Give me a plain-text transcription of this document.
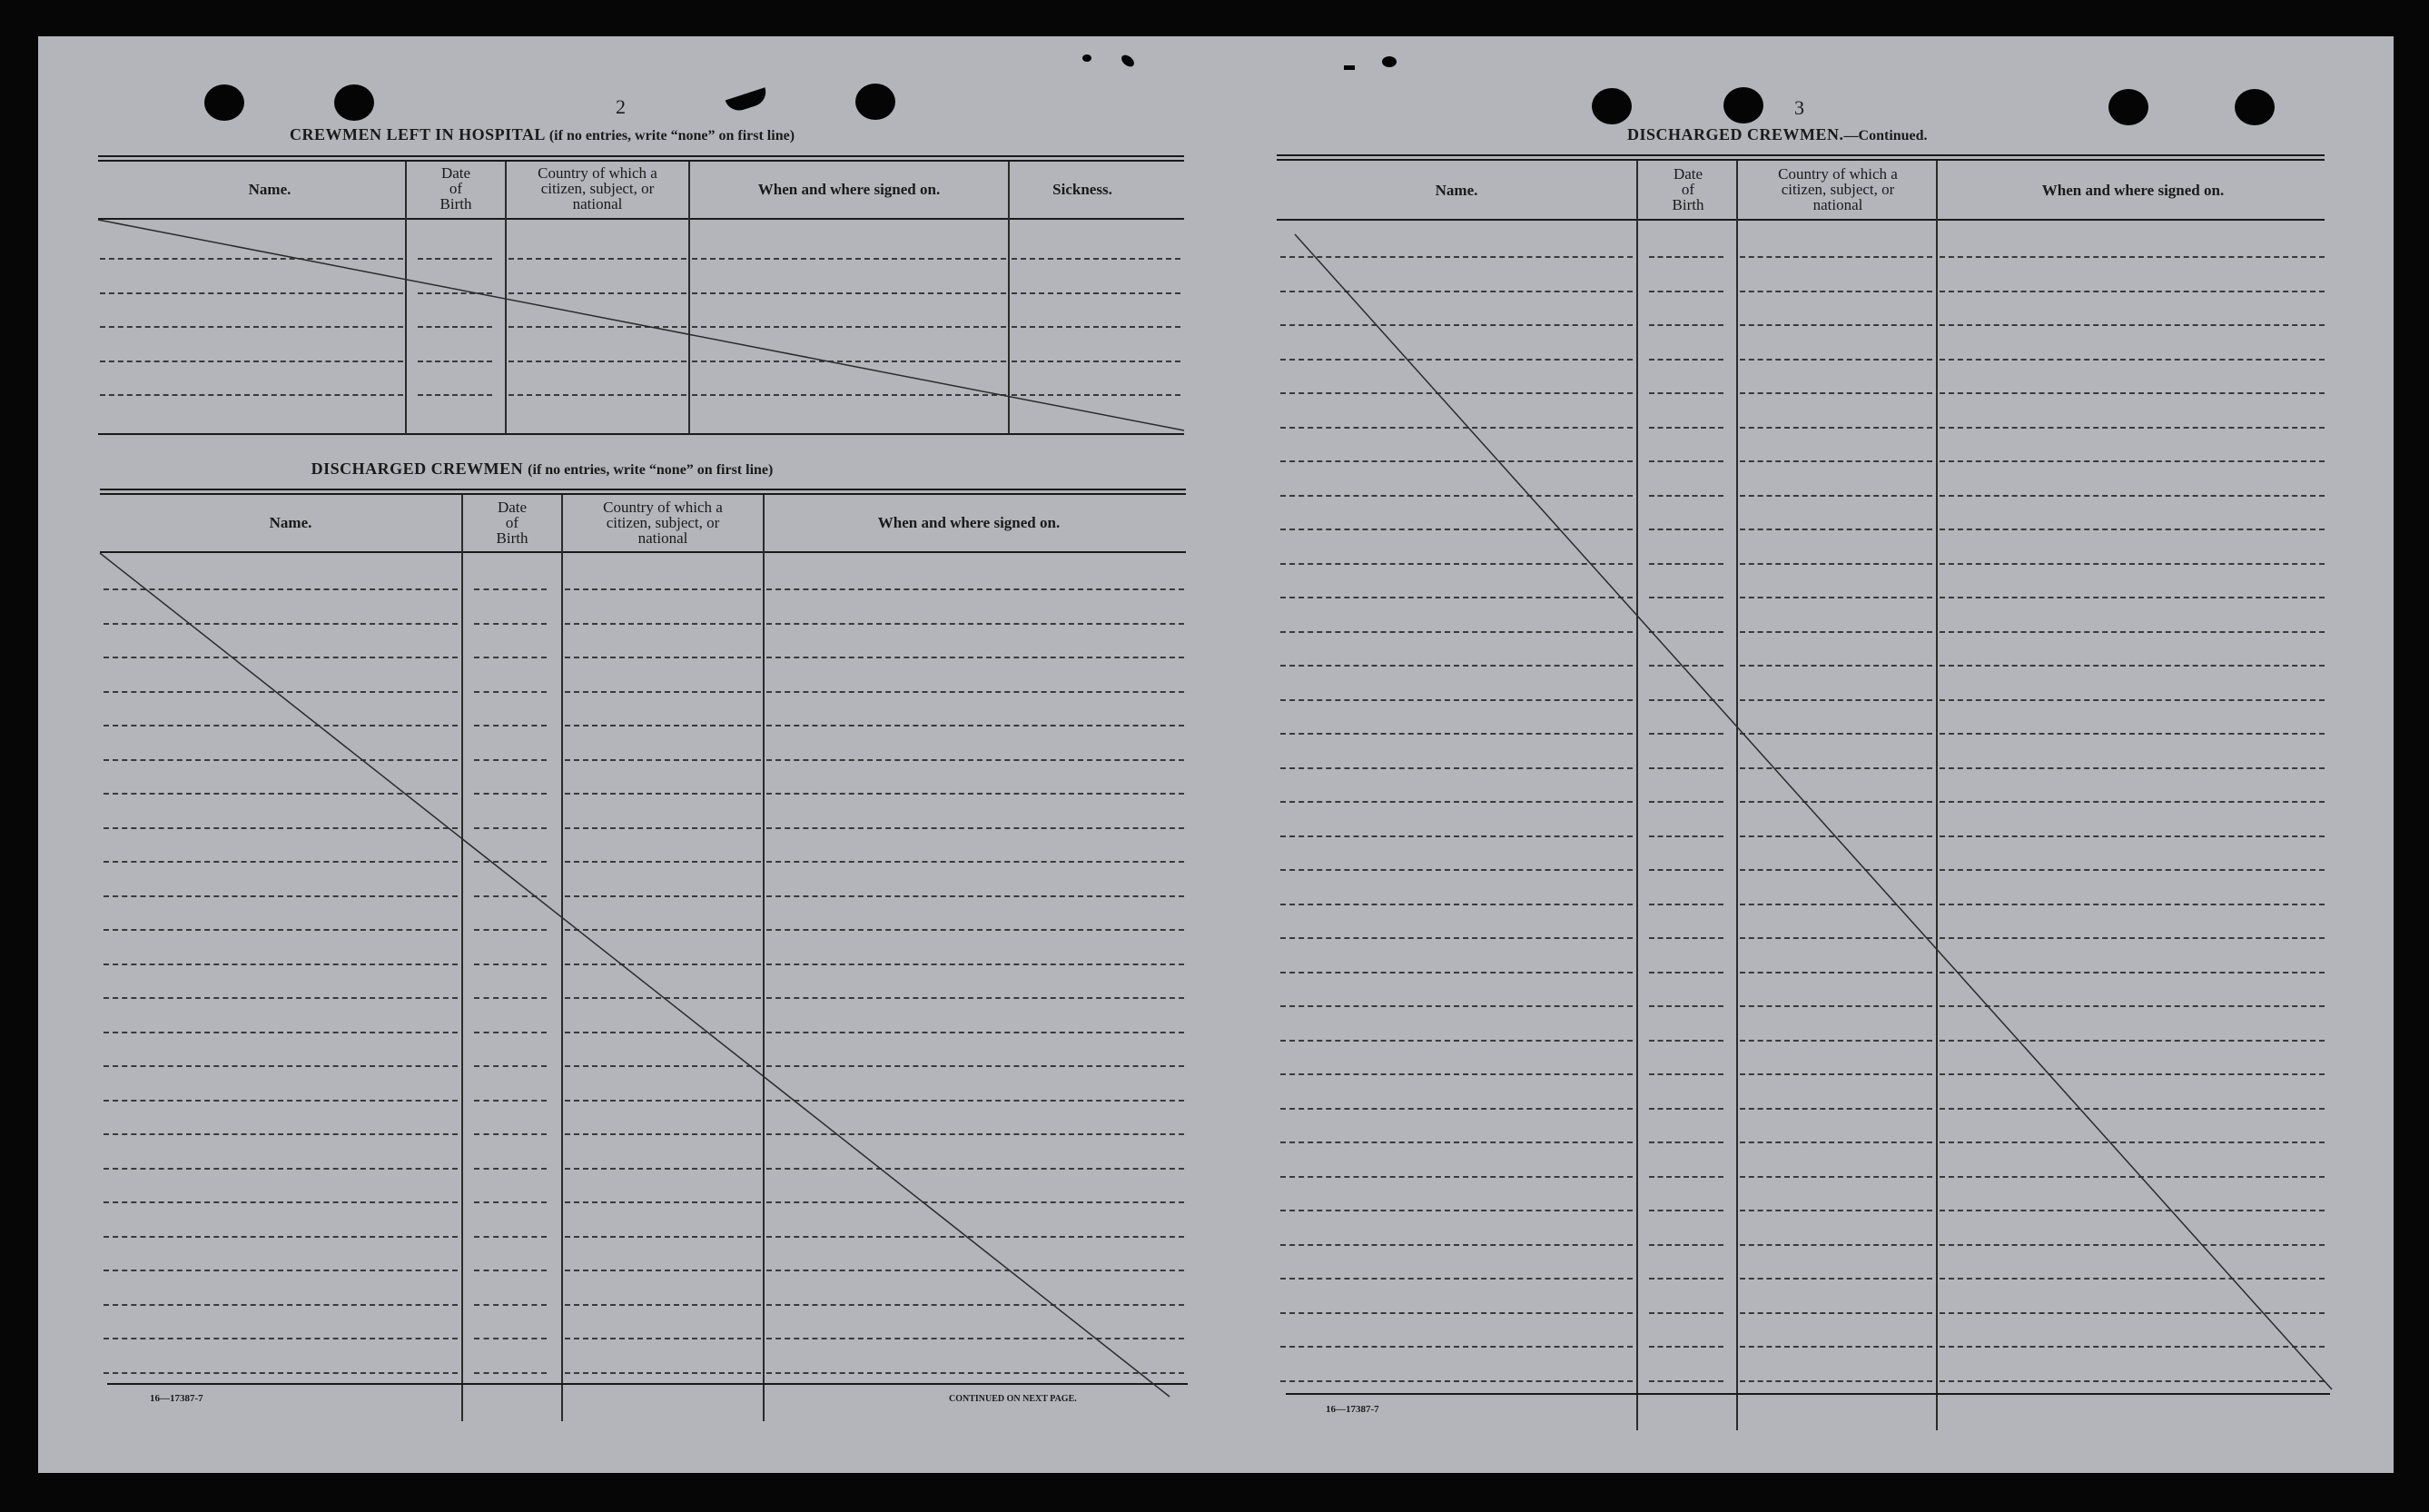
2
CREWMEN LEFT IN HOSPITAL (if no entries, write “none” on first line)
Name.
Date
of
Birth
Country of which a
citizen, subject, or
national
When and where signed on.	Sickness.
DISCHARGED CREWMEN (if no entries, write “none” on first line)
Name.
Date
of
Birth
Country of which a
citizen, subject, or
national
When and where signed on.
16—17387-7	CONTINUED ON NEXT PAGE.
3
DISCHARGED CREWMEN.—Continued.
Name.
Date
of
Birth
Country of which a
citizen, subject, or
national
When and where signed on.
16—17387-7
